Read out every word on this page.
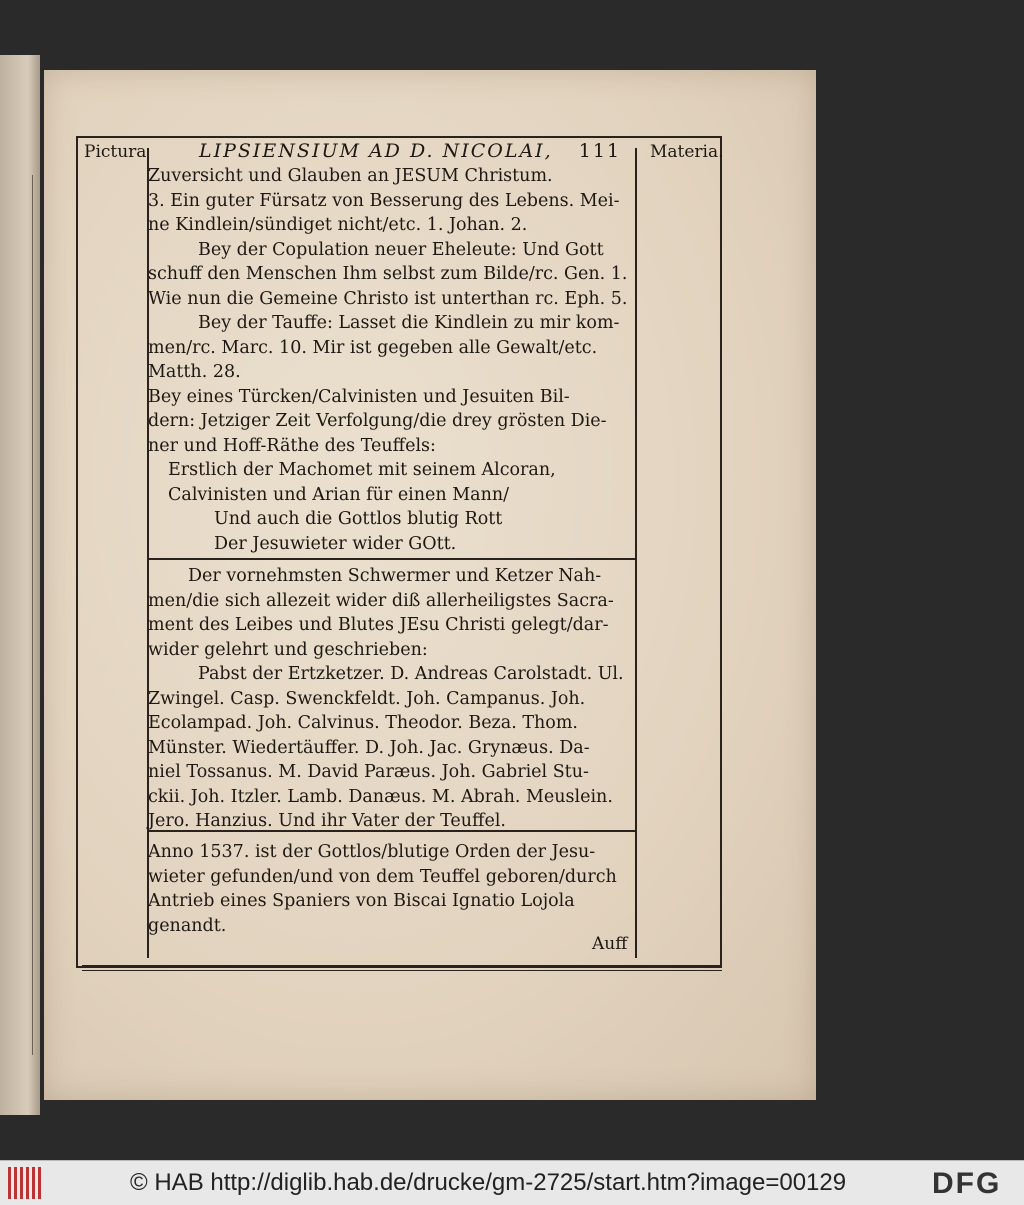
Pictura	LIPSIENSIUM AD D. NICOLAI, 111 Materia.
Zuversicht und Glauben an JESUM Christum.
3. Ein guter Fürsatz von Besserung des Lebens. Mei-
ne Kindlein/sündiget nicht/etc. 1. Johan. 2.
Bey der Copulation neuer Eheleute: Und Gott
schuff den Menschen Ihm selbst zum Bilde/rc. Gen. 1.
Wie nun die Gemeine Christo ist unterthan rc. Eph. 5.
Bey der Tauffe: Lasset die Kindlein zu mir kom-
men/rc. Marc. 10. Mir ist gegeben alle Gewalt/etc.
Matth. 28.
Bey eines Türcken/Calvinisten und Jesuiten Bil-
dern: Jetziger Zeit Verfolgung/die drey grösten Die-
ner und Hoff-Räthe des Teuffels:
Erstlich der Machomet mit seinem Alcoran,
Calvinisten und Arian für einen Mann/
Und auch die Gottlos blutig Rott
Der Jesuwieter wider GOtt.
Der vornehmsten Schwermer und Ketzer Nah-
men/die sich allezeit wider diß allerheiligstes Sacra-
ment des Leibes und Blutes JEsu Christi gelegt/dar-
wider gelehrt und geschrieben:
Pabst der Ertzketzer. D. Andreas Carolstadt. Ul.
Zwingel. Casp. Swenckfeldt. Joh. Campanus. Joh.
Ecolampad. Joh. Calvinus. Theodor. Beza. Thom.
Münster. Wiedertäuffer. D. Joh. Jac. Grynæus. Da-
niel Tossanus. M. David Paræus. Joh. Gabriel Stu-
ckii. Joh. Itzler. Lamb. Danæus. M. Abrah. Meuslein.
Jero. Hanzius. Und ihr Vater der Teuffel.
Anno 1537. ist der Gottlos/blutige Orden der Jesu-
wieter gefunden/und von dem Teuffel geboren/durch
Antrieb eines Spaniers von Biscai Ignatio Lojola
genandt.
Auff
© HAB http://diglib.hab.de/drucke/gm-2725/start.htm?image=00129	DFG
